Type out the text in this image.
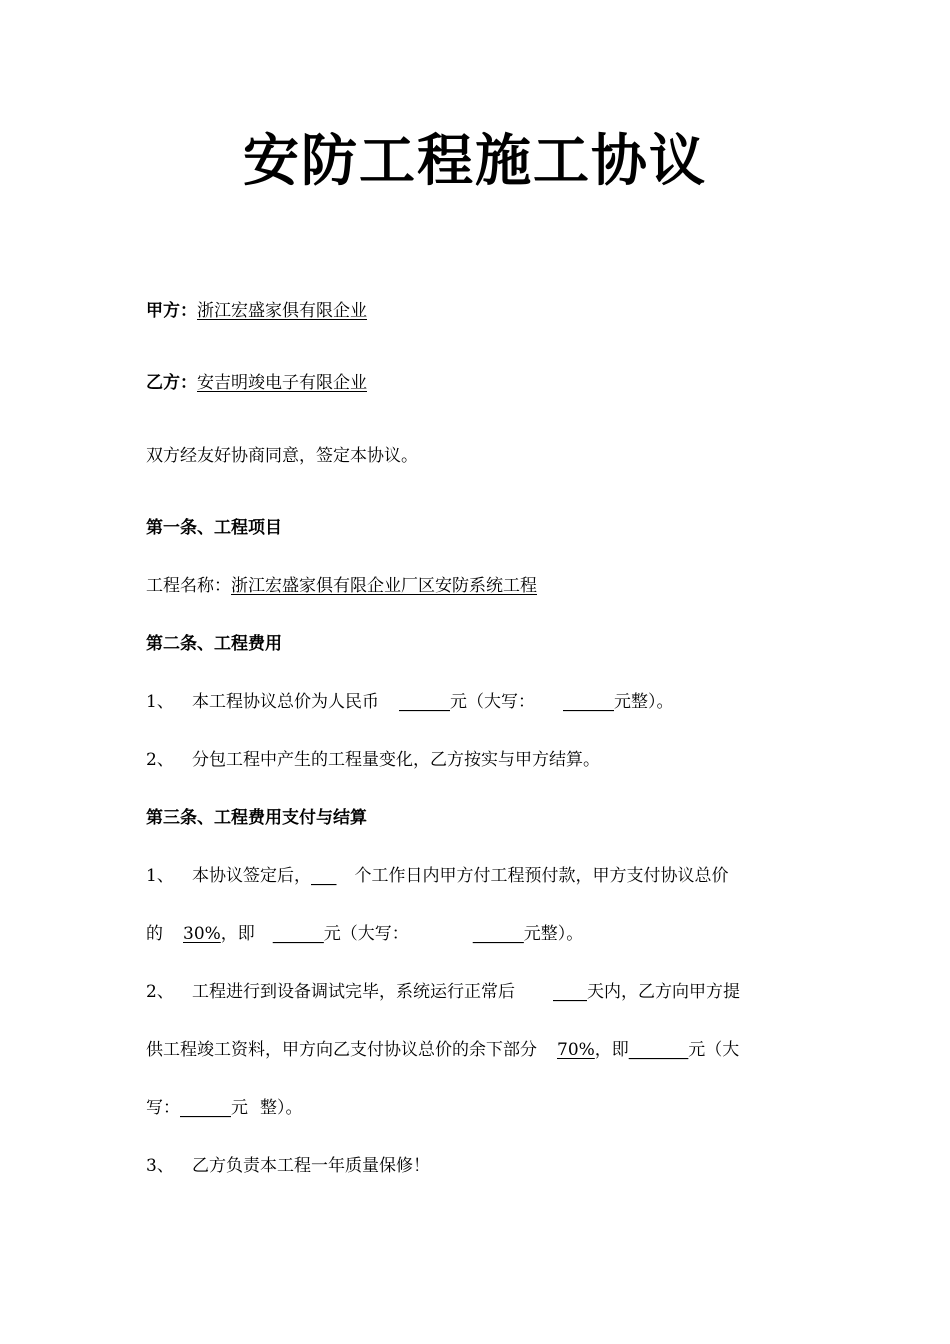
安防工程施工协议
甲方：浙江宏盛家俱有限企业
乙方：安吉明竣电子有限企业
双方经友好协商同意，签定本协议。
第一条、工程项目
工程名称：浙江宏盛家俱有限企业厂区安防系统工程
第二条、工程费用
1、 本工程协议总价为人民币 ______元（大写： ______元整）。
2、 分包工程中产生的工程量变化，乙方按实与甲方结算。
第三条、工程费用支付与结算
1、 本协议签定后，___ 个工作日内甲方付工程预付款，甲方支付协议总价
的 30%，即 ______元（大写：	______元整）。
2、 工程进行到设备调试完毕，系统运行正常后 ____天内，乙方向甲方提
供工程竣工资料，甲方向乙支付协议总价的余下部分 70%，即_______元（大
写：______元 整）。
3、 乙方负责本工程一年质量保修！
